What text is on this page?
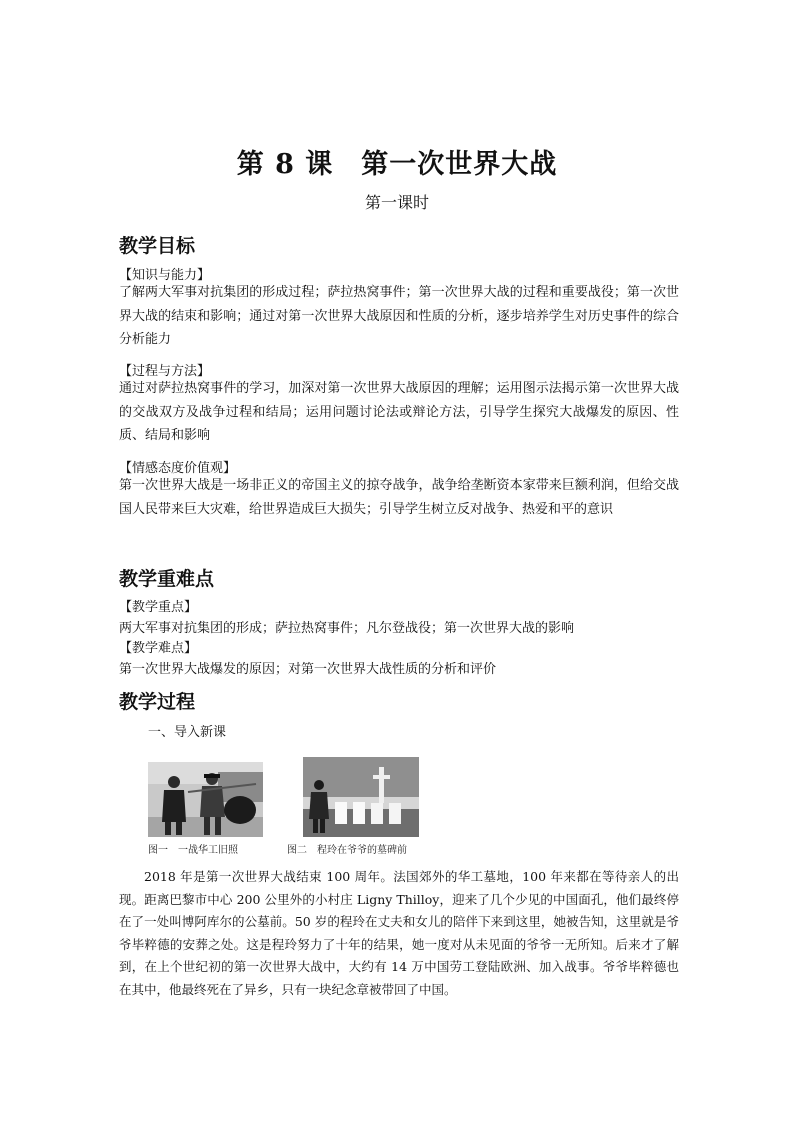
第 8 课　第一次世界大战
第一课时
教学目标
【知识与能力】
了解两大军事对抗集团的形成过程；萨拉热窝事件；第一次世界大战的过程和重要战役；第一次世界大战的结束和影响；通过对第一次世界大战原因和性质的分析，逐步培养学生对历史事件的综合分析能力
【过程与方法】
通过对萨拉热窝事件的学习，加深对第一次世界大战原因的理解；运用图示法揭示第一次世界大战的交战双方及战争过程和结局；运用问题讨论法或辩论方法，引导学生探究大战爆发的原因、性质、结局和影响
【情感态度价值观】
第一次世界大战是一场非正义的帝国主义的掠夺战争，战争给垄断资本家带来巨额利润，但给交战国人民带来巨大灾难，给世界造成巨大损失；引导学生树立反对战争、热爱和平的意识
教学重难点
【教学重点】
两大军事对抗集团的形成；萨拉热窝事件；凡尔登战役；第一次世界大战的影响
【教学难点】
第一次世界大战爆发的原因；对第一次世界大战性质的分析和评价
教学过程
一、导入新课
图一　一战华工旧照	图二　程玲在爷爷的墓碑前
2018 年是第一次世界大战结束 100 周年。法国郊外的华工墓地，100 年来都在等待亲人的出现。距离巴黎市中心 200 公里外的小村庄 Ligny Thilloy，迎来了几个少见的中国面孔，他们最终停在了一处叫博阿库尔的公墓前。50 岁的程玲在丈夫和女儿的陪伴下来到这里，她被告知，这里就是爷爷毕粹德的安葬之处。这是程玲努力了十年的结果，她一度对从未见面的爷爷一无所知。后来才了解到，在上个世纪初的第一次世界大战中，大约有 14 万中国劳工登陆欧洲、加入战事。爷爷毕粹德也在其中，他最终死在了异乡，只有一块纪念章被带回了中国。
